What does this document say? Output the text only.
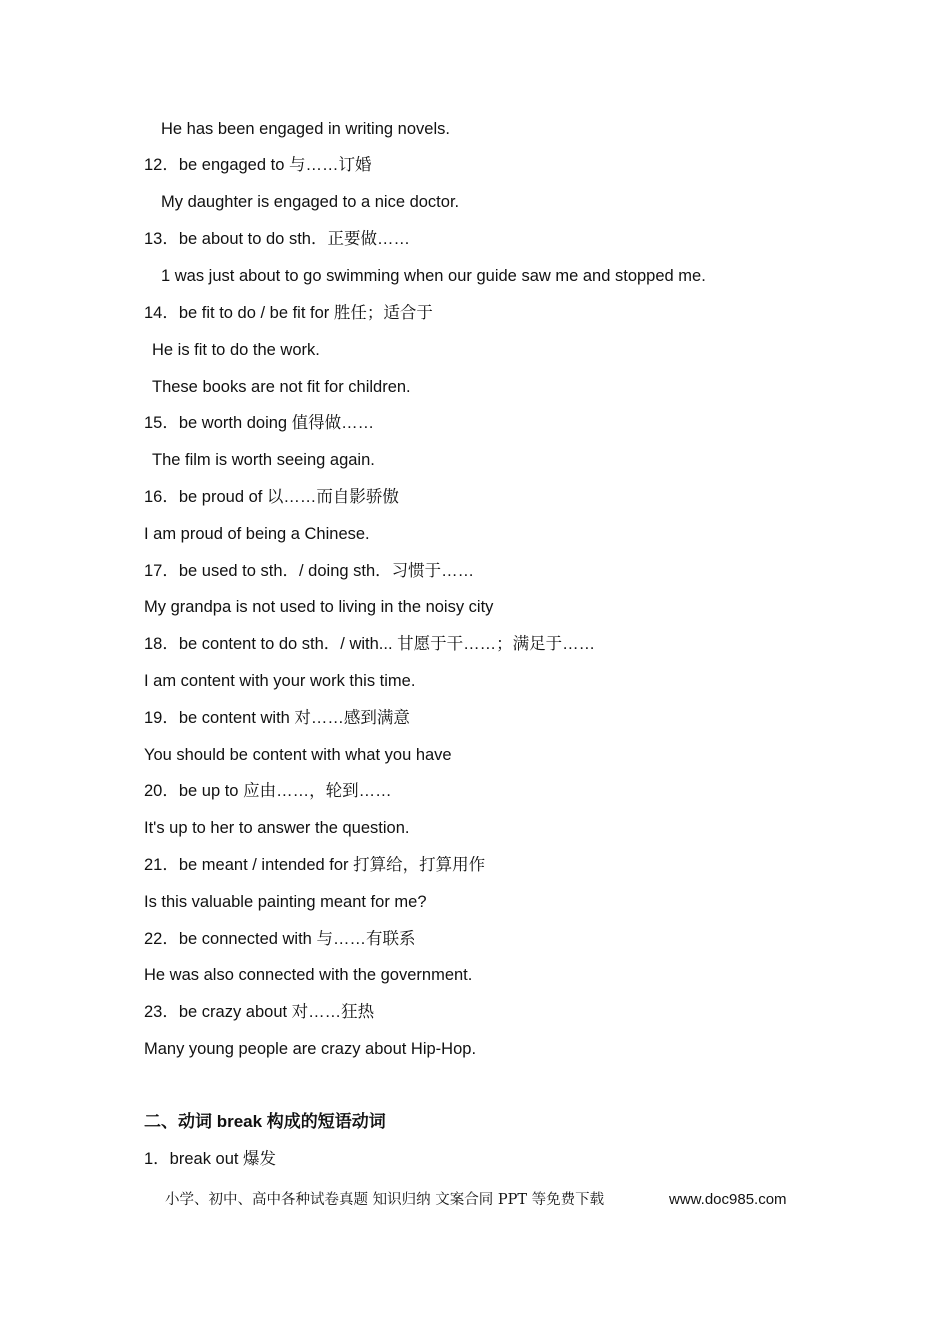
He has been engaged in writing novels.
12．be engaged to 与……订婚
My daughter is engaged to a nice doctor.
13．be about to do sth．正要做……
1 was just about to go swimming when our guide saw me and stopped me.
14．be fit to do / be fit for 胜任；适合于
He is fit to do the work.
These books are not fit for children.
15．be worth doing 值得做……
The film is worth seeing again.
16．be proud of 以……而自影骄傲
I am proud of being a Chinese.
17．be used to sth．/ doing sth．习惯于……
My grandpa is not used to living in the noisy city
18．be content to do sth．/ with... 甘愿于干……；满足于……
I am content with your work this time.
19．be content with 对……感到满意
You should be content with what you have
20．be up to 应由……，轮到……
It's up to her to answer the question.
21．be meant / intended for 打算给，打算用作
Is this valuable painting meant for me?
22．be connected with 与……有联系
He was also connected with the government.
23．be crazy about 对……狂热
Many young people are crazy about Hip-Hop.
二、动词 break 构成的短语动词
1．break out 爆发
小学、初中、高中各种试卷真题 知识归纳 文案合同 PPT 等免费下载	www.doc985.com
